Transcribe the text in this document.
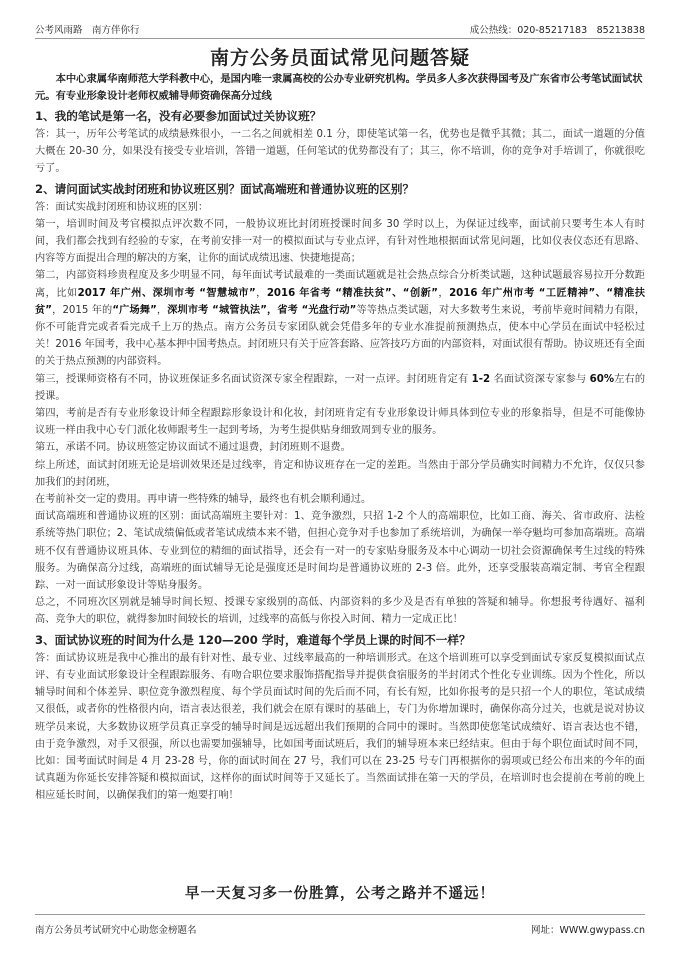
公考风雨路　南方伴你行	成公热线：020-85217183　85213838
南方公务员面试常见问题答疑

本中心隶属华南师范大学科教中心，是国内唯一隶属高校的公办专业研究机构。学员多人多次获得国考及广东省市公考笔试面试状元。有专业形象设计老师权威辅导师资确保高分过线

1、我的笔试是第一名，没有必要参加面试过关协议班？

答：其一，历年公考笔试的成绩悬殊很小，一二名之间就相差 0.1 分，即使笔试第一名，优势也是微乎其微；其二，面试一道题的分值大概在 20-30 分，如果没有接受专业培训，答错一道题，任何笔试的优势都没有了；其三，你不培训，你的竞争对手培训了，你就很吃亏了。

2、请问面试实战封闭班和协议班区别？面试高端班和普通协议班的区别？

答：面试实战封闭班和协议班的区别：

第一，培训时间及考官模拟点评次数不同，一般协议班比封闭班授课时间多 30 学时以上，为保证过线率，面试前只要考生本人有时间，我们都会找到有经验的专家，在考前安排一对一的模拟面试与专业点评，有针对性地根据面试常见问题，比如仪表仪态还有思路、内容等方面提出合理的解决的方案，让你的面试成绩迅速、快捷地提高；

第二，内部资料珍贵程度及多少明显不同，每年面试考试最难的一类面试题就是社会热点综合分析类试题，这种试题最容易拉开分数距离，比如2017 年广州、深圳市考 “智慧城市”，2016 年省考 “精准扶贫”、“创新”，2016 年广州市考 “工匠精神”、“精准扶贫”，2015 年的“广场舞”，深圳市考 “城管执法”，省考 “光盘行动”等等热点类试题，对大多数考生来说，考前毕竟时间精力有限，你不可能背完或者看完成千上万的热点。南方公务员专家团队就会凭借多年的专业水准提前预测热点，使本中心学员在面试中轻松过关！2016 年国考，我中心基本押中国考热点。封闭班只有关于应答套路、应答技巧方面的内部资料，对面试很有帮助。协议班还有全面的关于热点预测的内部资料。

第三，授课师资格有不同，协议班保证多名面试资深专家全程跟踪，一对一点评。封闭班肯定有 1-2 名面试资深专家参与 60%左右的授课。

第四，考前是否有专业形象设计师全程跟踪形象设计和化妆，封闭班肯定有专业形象设计师具体到位专业的形象指导，但是不可能像协议班一样由我中心专门派化妆师跟考生一起到考场，为考生提供贴身细致周到专业的服务。

第五，承诺不同。协议班签定协议面试不通过退费，封闭班则不退费。

综上所述，面试封闭班无论是培训效果还是过线率，肯定和协议班存在一定的差距。当然由于部分学员确实时间精力不允许，仅仅只参加我们的封闭班，

在考前补交一定的费用。再申请一些特殊的辅导，最终也有机会顺利通过。

面试高端班和普通协议班的区别：面试高端班主要针对：1、竞争激烈，只招 1-2 个人的高端职位，比如工商、海关、省市政府、法检系统等热门职位；2、笔试成绩偏低或者笔试成绩本来不错，但担心竞争对手也参加了系统培训，为确保一举夺魁均可参加高端班。高端班不仅有普通协议班具体、专业到位的精细的面试指导，还会有一对一的专家贴身服务及本中心调动一切社会资源确保考生过线的特殊服务。为确保高分过线，高端班的面试辅导无论是强度还是时间均是普通协议班的 2-3 倍。此外，还享受服装高端定制、考官全程跟踪、一对一面试形象设计等贴身服务。

总之，不同班次区别就是辅导时间长短、授课专家级别的高低、内部资料的多少及是否有单独的答疑和辅导。你想报考待遇好、福利高、竞争大的职位，就得参加时间较长的培训，过线率的高低与你投入时间、精力一定成正比！

3、面试协议班的时间为什么是 120—200 学时，难道每个学员上课的时间不一样？

答：面试协议班是我中心推出的最有针对性、最专业、过线率最高的一种培训形式。在这个培训班可以享受到面试专家反复模拟面试点评、有专业面试形象设计全程跟踪服务、有吻合职位要求服饰搭配指导并提供食宿服务的半封闭式个性化专业训练。因为个性化，所以辅导时间和个体差异、职位竞争激烈程度、每个学员面试时间的先后而不同，有长有短，比如你报考的是只招一个人的职位，笔试成绩又很低，或者你的性格很内向，语言表达很差，我们就会在原有课时的基础上，专门为你增加课时，确保你高分过关，也就是说对协议班学员来说，大多数协议班学员真正享受的辅导时间是远远超出我们预期的合同中的课时。当然即使您笔试成绩好、语言表达也不错，由于竞争激烈，对手又很强，所以也需要加强辅导，比如国考面试班后，我们的辅导班本来已经结束。但由于每个职位面试时间不同，比如：国考面试时间是 4 月 23-28 号，你的面试时间在 27 号，我们可以在 23-25 号专门再根据你的弱项或已经公布出来的今年的面试真题为你延长安排答疑和模拟面试，这样你的面试时间等于又延长了。当然面试排在第一天的学员，在培训时也会提前在考前的晚上相应延长时间，以确保我们的第一炮要打响！

早一天复习多一份胜算，公考之路并不遥远！
南方公务员考试研究中心助您金榜题名	网址：WWW.gwypass.cn
